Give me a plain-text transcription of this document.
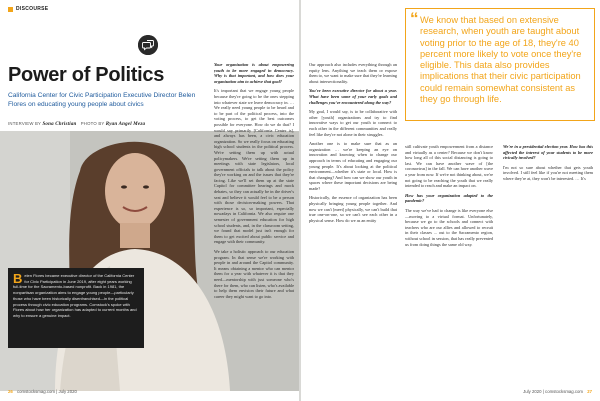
DISCOURSE
Power of Politics

California Center for Civic Participation Executive Director Belen Flores on educating young people about civics

INTERVIEW BY Sona Christian PHOTO BY Ryan Angel Meza
B elen Flores became executive director of the California Center for Civic Participation in June 2019, after eight years working full-time for the Sacramento-based nonprofit. Back in 1981, the nonpartisan organization aims to engage young people—particularly those who have been historically disenfranchised—in the political process through civic education programs. Comstock's spoke with Flores about how her organization has adapted to current months and why to ensure a genuine impact.

Your organization is about empowering youth to be more engaged in democracy. Why is that important, and how does your organization aim to achieve that goal?

It's important that we engage young people because they're going to be the ones stepping into whatever state we leave democracy in. … We really need young people to be heard and to be part of the political process, into the voting process, to get the best outcomes possible for everyone. How do we do that? I would say primarily [California Center is], and always has been, a civic education organization. So we really focus on educating high school students in the political process. We're setting them up with actual policymakers. We're setting them up in meetings with state legislators, local government officials to talk about the policy they're working on and the issues that they're facing. Like we'll set them up at the state Capitol for committee hearings and mock debates, so they can actually be in the driver's seat and believe it would feel to be a person with those decision-making powers. That experience is so, so important, especially nowadays in California. We also require one semester of government education for high school students, and, in the classroom setting, we found that model just isn't enough for them to get excited about public service and engage with their community.

We take a holistic approach to our education program. In that sense we're working with people in and around the Capitol community. It means obtaining a mentor who can mentor them for a year with whatever it is that they need—mentorship with just someone who's there for them, who can listen, who's available to help them envision their future and what career they might want to go into.

26 comstocksmag.com | July 2020
“ We know that based on extensive research, when youth are taught about voting prior to the age of 18, they're 40 percent more likely to vote once they're eligible. This data also provides implications that their civic participation could remain somewhat consistent as they go through life.

Our approach also includes everything through an equity lens. Anything we teach them or expose them to, we want to make sure that they're learning about intersectionality.

You've been executive director for about a year. What have been some of your early goals and challenges you've encountered along the way?

My goal, I would say, is to be collaborative with other [youth] organizations and try to find innovative ways to get our youth to connect to each other in the different communities and really feel like they're not alone in their struggles.

Another one is to make sure that as an organization … we're keeping an eye on innovation and knowing when to change our approach in terms of educating and engaging our young people. It's about looking at the political environment—whether it's state or local. How is that changing? And how can we show our youth in spaces where these important decisions are being made?

Historically, the essence of organization has been physically bringing young people together. And now we can't [meet] physically, we can't build that true one-on-one, so we can't see each other in a physical sense. How do we as an entity

still cultivate youth empowerment from a distance and virtually as a center? Because we don't know how long all of this social distancing is going to last. We can have another wave of [the coronavirus] in the fall. We can have another wave a year from now. If we're not thinking about, we're not going to be reaching the youth that we really intended to reach and make an impact on.

How has your organization adapted to the pandemic?

The way we've had to change is like everyone else—moving to a virtual format. Unfortunately, because we go to the schools and connect with teachers who are our allies and allowed to recruit in their classes ... out to the Sacramento region, without school in session, that has really prevented us from doing things the same old way.

We're in a presidential election year. How has this affected the interest of your students to be more civically involved?

I'm not so sure about whether that gets youth involved. I still feel like if you're not meeting them where they're at, they won't be interested. … It's

July 2020 | comstocksmag.com 27
